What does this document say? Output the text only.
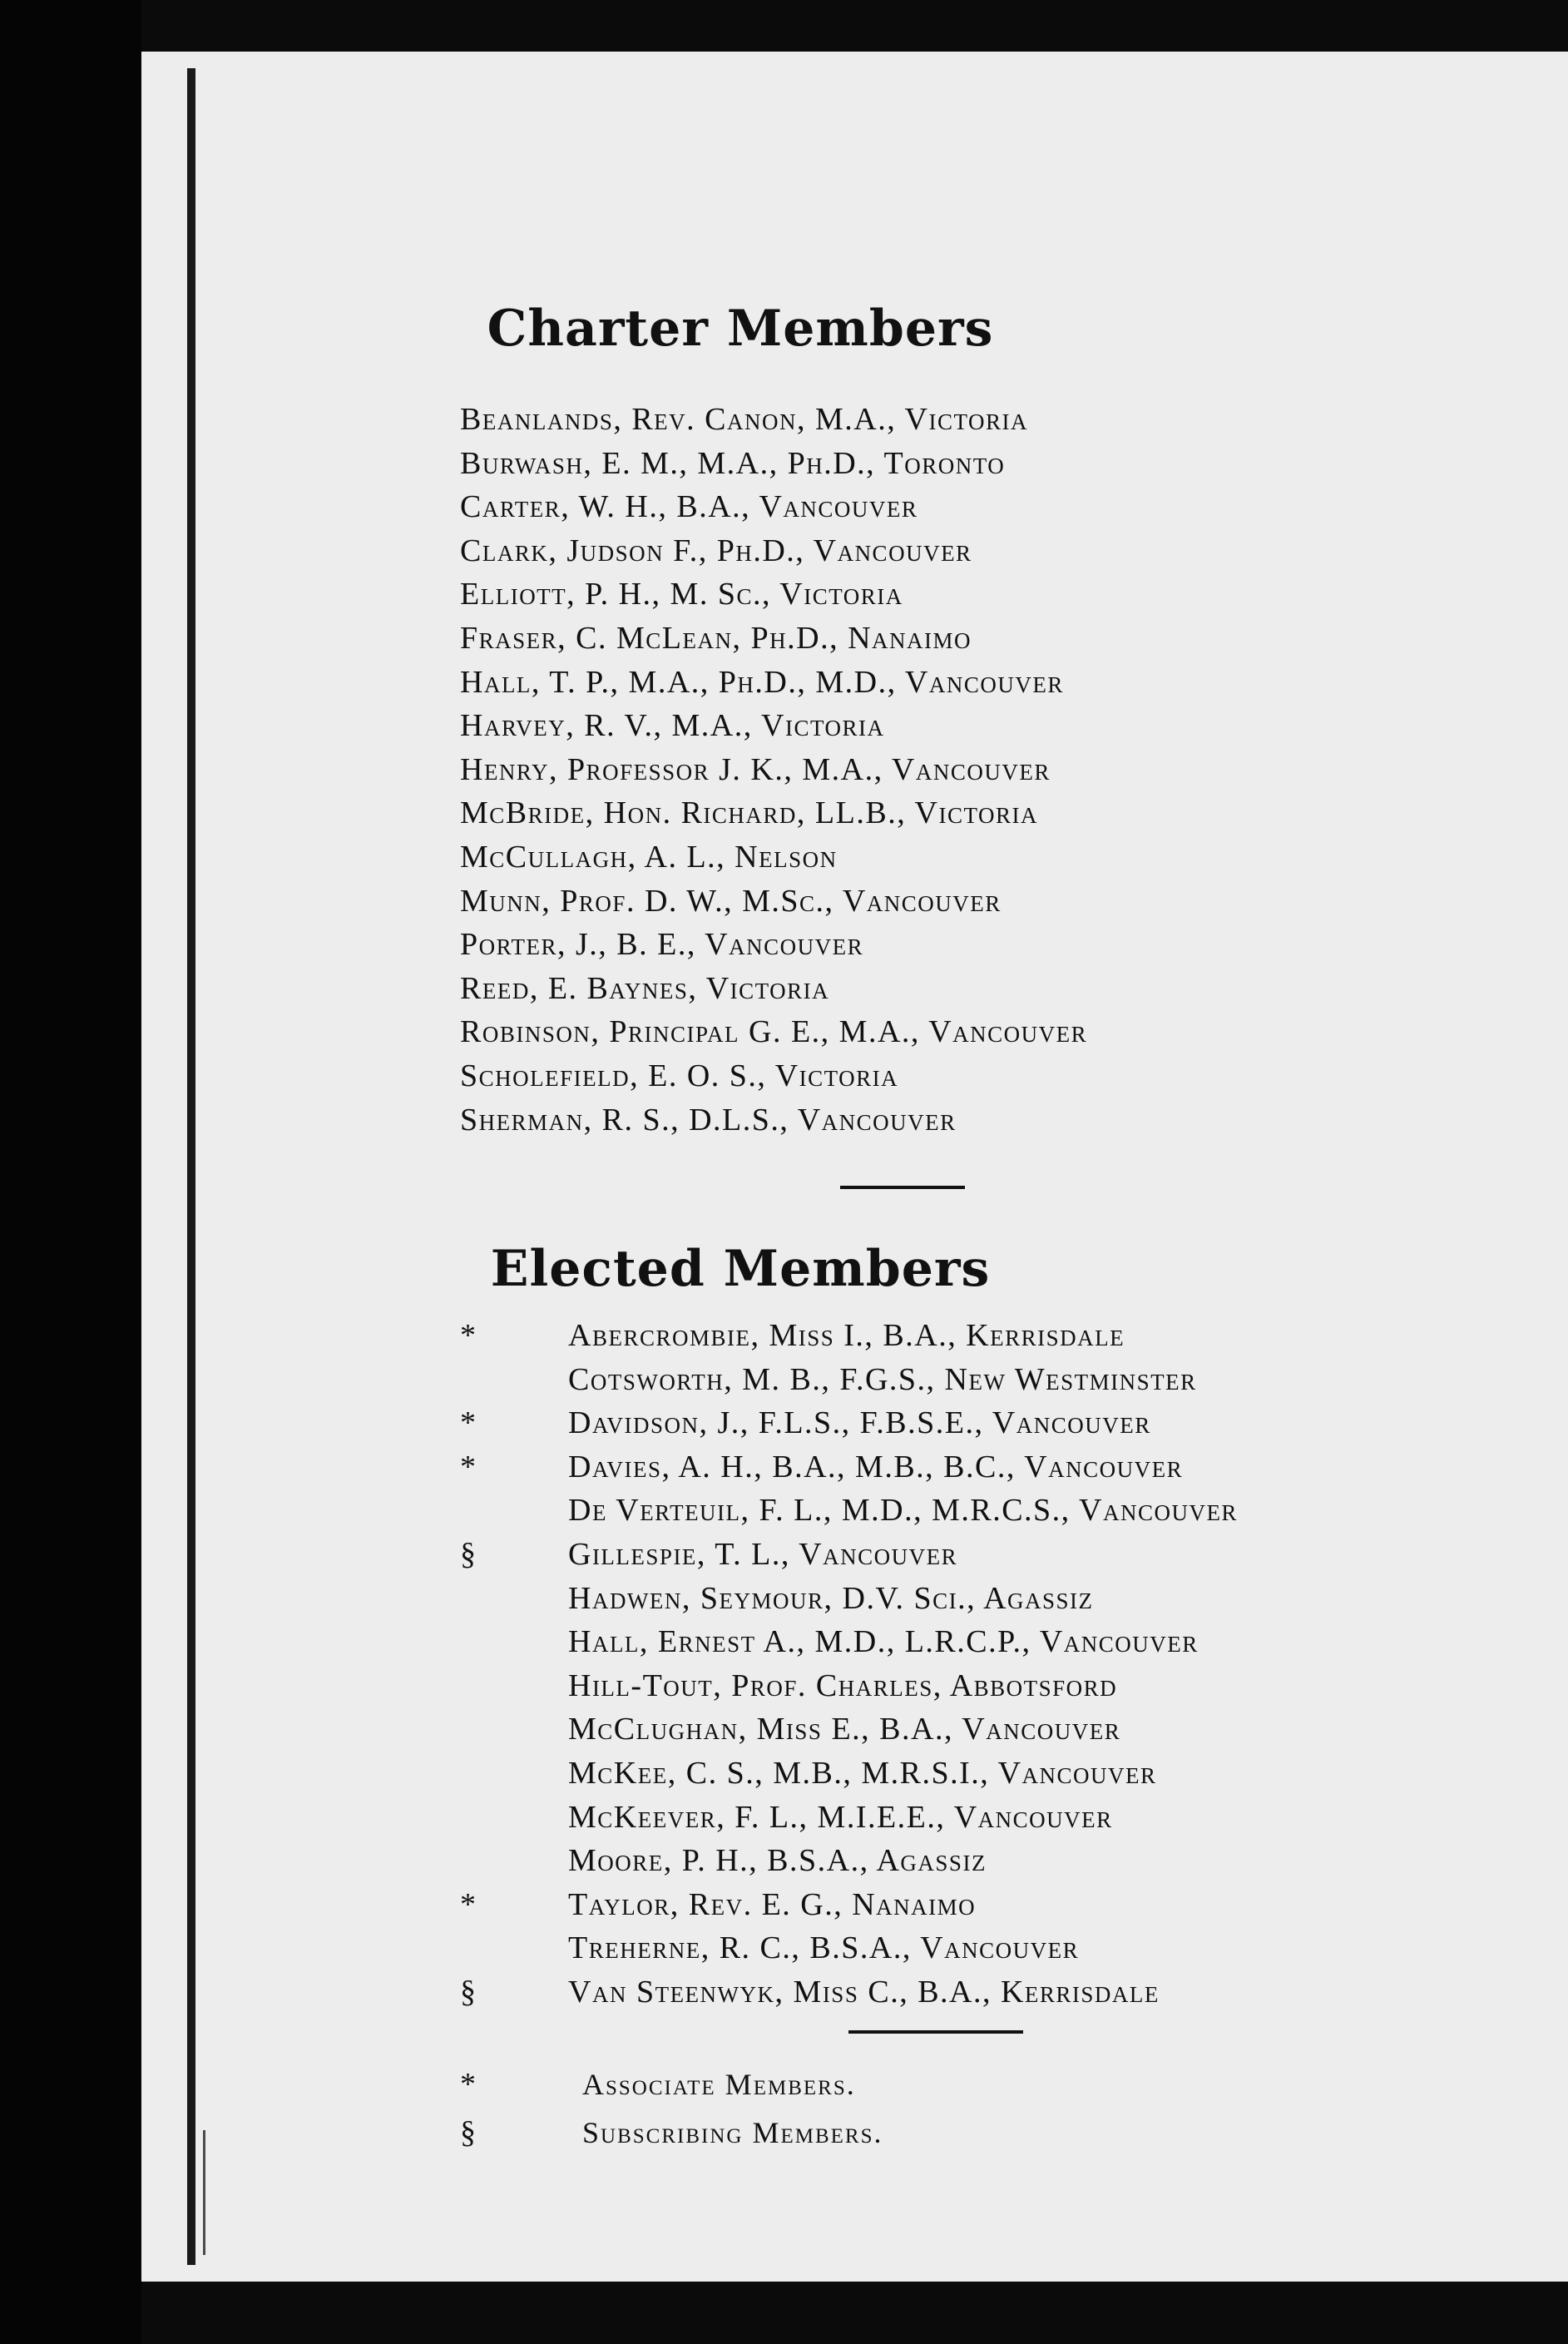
Charter Members
Beanlands, Rev. Canon, M.A., Victoria
Burwash, E. M., M.A., Ph.D., Toronto
Carter, W. H., B.A., Vancouver
Clark, Judson F., Ph.D., Vancouver
Elliott, P. H., M. Sc., Victoria
Fraser, C. McLean, Ph.D., Nanaimo
Hall, T. P., M.A., Ph.D., M.D., Vancouver
Harvey, R. V., M.A., Victoria
Henry, Professor J. K., M.A., Vancouver
McBride, Hon. Richard, LL.B., Victoria
McCullagh, A. L., Nelson
Munn, Prof. D. W., M.Sc., Vancouver
Porter, J., B. E., Vancouver
Reed, E. Baynes, Victoria
Robinson, Principal G. E., M.A., Vancouver
Scholefield, E. O. S., Victoria
Sherman, R. S., D.L.S., Vancouver
Elected Members
*	Abercrombie, Miss I., B.A., Kerrisdale
Cotsworth, M. B., F.G.S., New Westminster
*	Davidson, J., F.L.S., F.B.S.E., Vancouver
*	Davies, A. H., B.A., M.B., B.C., Vancouver
De Verteuil, F. L., M.D., M.R.C.S., Vancouver
§	Gillespie, T. L., Vancouver
Hadwen, Seymour, D.V. Sci., Agassiz
Hall, Ernest A., M.D., L.R.C.P., Vancouver
Hill-Tout, Prof. Charles, Abbotsford
McClughan, Miss E., B.A., Vancouver
McKee, C. S., M.B., M.R.S.I., Vancouver
McKeever, F. L., M.I.E.E., Vancouver
Moore, P. H., B.S.A., Agassiz
*	Taylor, Rev. E. G., Nanaimo
Treherne, R. C., B.S.A., Vancouver
§	Van Steenwyk, Miss C., B.A., Kerrisdale
*	Associate Members.
§	Subscribing Members.
